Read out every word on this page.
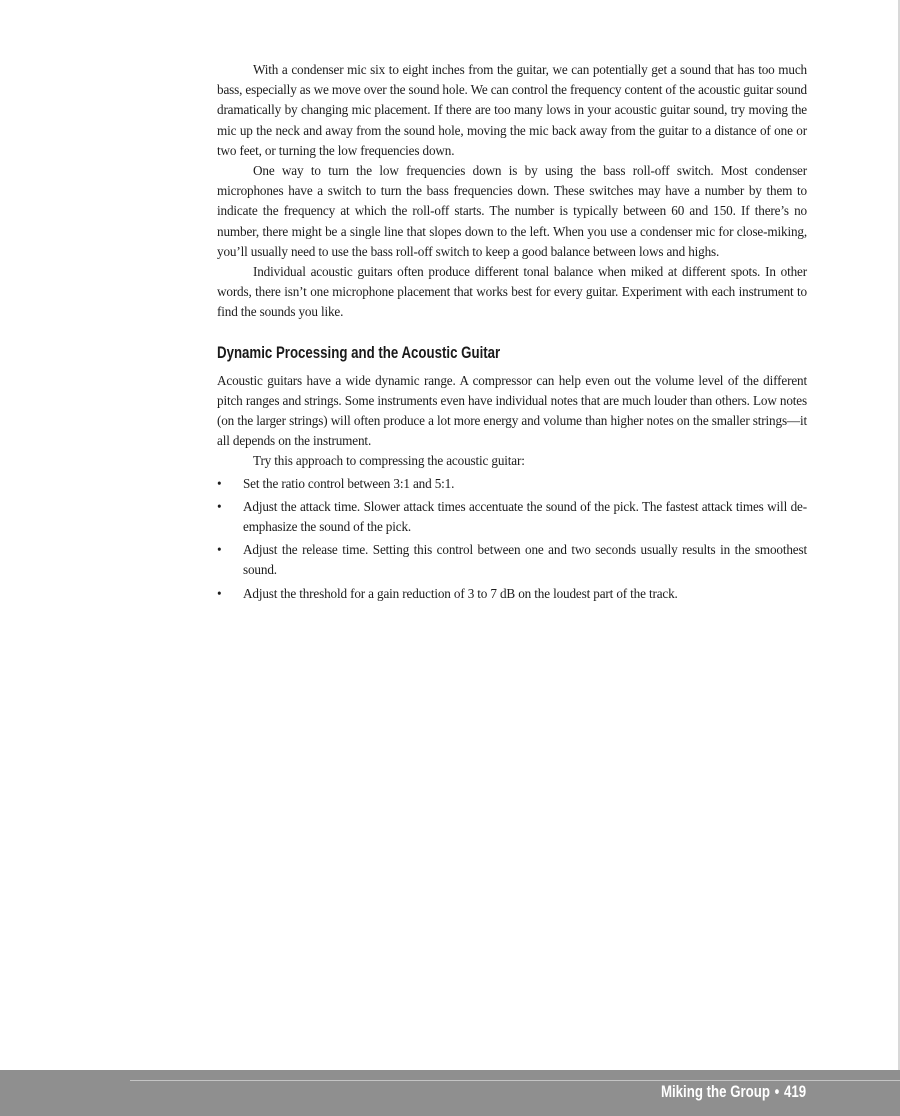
With a condenser mic six to eight inches from the guitar, we can potentially get a sound that has too much bass, especially as we move over the sound hole. We can control the frequency content of the acoustic guitar sound dramatically by changing mic placement. If there are too many lows in your acoustic guitar sound, try moving the mic up the neck and away from the sound hole, moving the mic back away from the guitar to a distance of one or two feet, or turning the low frequencies down.

One way to turn the low frequencies down is by using the bass roll-off switch. Most condenser microphones have a switch to turn the bass frequencies down. These switches may have a number by them to indicate the frequency at which the roll-off starts. The number is typically between 60 and 150. If there’s no number, there might be a single line that slopes down to the left. When you use a condenser mic for close-miking, you’ll usually need to use the bass roll-off switch to keep a good balance between lows and highs.

Individual acoustic guitars often produce different tonal balance when miked at different spots. In other words, there isn’t one microphone placement that works best for every guitar. Experiment with each instrument to find the sounds you like.

Dynamic Processing and the Acoustic Guitar

Acoustic guitars have a wide dynamic range. A compressor can help even out the volume level of the different pitch ranges and strings. Some instruments even have individual notes that are much louder than others. Low notes (on the larger strings) will often produce a lot more energy and volume than higher notes on the smaller strings—it all depends on the instrument.

Try this approach to compressing the acoustic guitar:

•	Set the ratio control between 3:1 and 5:1.
•	Adjust the attack time. Slower attack times accentuate the sound of the pick. The fastest attack times will de-emphasize the sound of the pick.
•	Adjust the release time. Setting this control between one and two seconds usually results in the smoothest sound.
•	Adjust the threshold for a gain reduction of 3 to 7 dB on the loudest part of the track.
Miking the Group • 419
